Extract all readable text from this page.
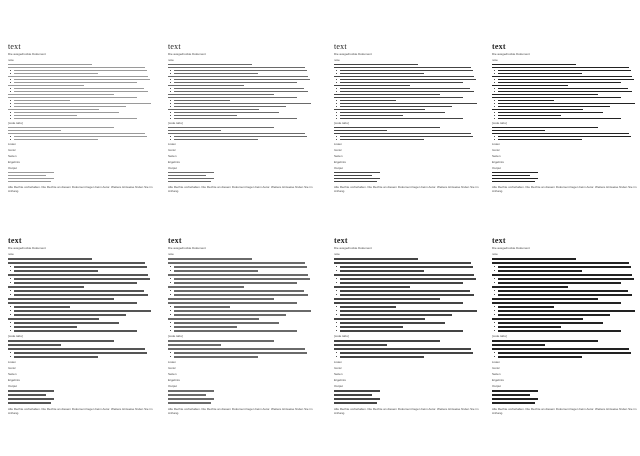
text
Die ausgedruckte Dokument
note
[code tabs]
Listen
Iconic
Seiten
Ergebnis
Output
Alle Rechte vorbehalten. Die Rechte an diesem Dokument liegen beim Autor. Weitere Hinweise finden Sie im Anhang.
text
Die ausgedruckte Dokument
note
[code tabs]
Listen
Iconic
Seiten
Ergebnis
Output
Alle Rechte vorbehalten. Die Rechte an diesem Dokument liegen beim Autor. Weitere Hinweise finden Sie im Anhang.
text
Die ausgedruckte Dokument
note
[code tabs]
Listen
Iconic
Seiten
Ergebnis
Output
Alle Rechte vorbehalten. Die Rechte an diesem Dokument liegen beim Autor. Weitere Hinweise finden Sie im Anhang.
text
Die ausgedruckte Dokument
note
[code tabs]
Listen
Iconic
Seiten
Ergebnis
Output
Alle Rechte vorbehalten. Die Rechte an diesem Dokument liegen beim Autor. Weitere Hinweise finden Sie im Anhang.
text
Die ausgedruckte Dokument
note
[code tabs]
Listen
Iconic
Seiten
Ergebnis
Output
Alle Rechte vorbehalten. Die Rechte an diesem Dokument liegen beim Autor. Weitere Hinweise finden Sie im Anhang.
text
Die ausgedruckte Dokument
note
[code tabs]
Listen
Iconic
Seiten
Ergebnis
Output
Alle Rechte vorbehalten. Die Rechte an diesem Dokument liegen beim Autor. Weitere Hinweise finden Sie im Anhang.
text
Die ausgedruckte Dokument
note
[code tabs]
Listen
Iconic
Seiten
Ergebnis
Output
Alle Rechte vorbehalten. Die Rechte an diesem Dokument liegen beim Autor. Weitere Hinweise finden Sie im Anhang.
text
Die ausgedruckte Dokument
note
[code tabs]
Listen
Iconic
Seiten
Ergebnis
Output
Alle Rechte vorbehalten. Die Rechte an diesem Dokument liegen beim Autor. Weitere Hinweise finden Sie im Anhang.
